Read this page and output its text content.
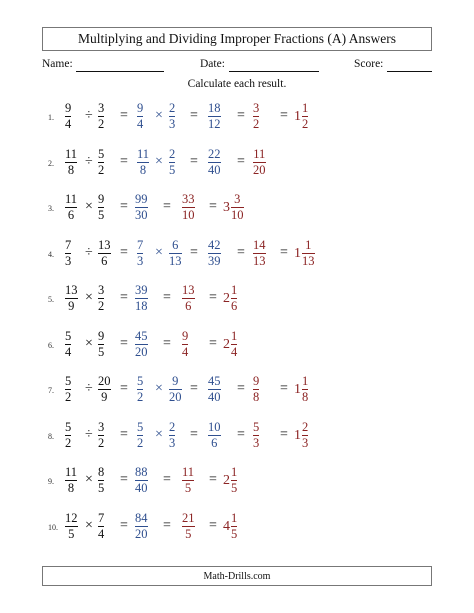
Multiplying and Dividing Improper Fractions (A) Answers
Name:	Date:	Score:
Calculate each result.
1.
9
4
÷ 3
2
= 9
4
× 2
3
= 18
12
= 3
2
= 1
1
2
2.
11
8
÷ 5
2
= 11
8
× 2
5
= 22
40
= 11
20
3.
11
6
× 9
5
= 99
30
= 33
10
= 3
3
10
4.
7
3
÷ 13
6
= 7
3
× 6
13
= 42
39
= 14
13
= 1
1
13
5.
13
9
× 3
2
= 39
18
= 13
6
= 2
1
6
6.
5
4
× 9
5
= 45
20
= 9
4
= 2
1
4
7.
5
2
÷ 20
9
= 5
2
× 9
20
= 45
40
= 9
8
= 1
1
8
8.
5
2
÷ 3
2
= 5
2
× 2
3
= 10
6
= 5
3
= 1
2
3
9.
11
8
× 8
5
= 88
40
= 11
5
= 2
1
5
10.
12
5
× 7
4
= 84
20
= 21
5
= 4
1
5
Math-Drills.com
